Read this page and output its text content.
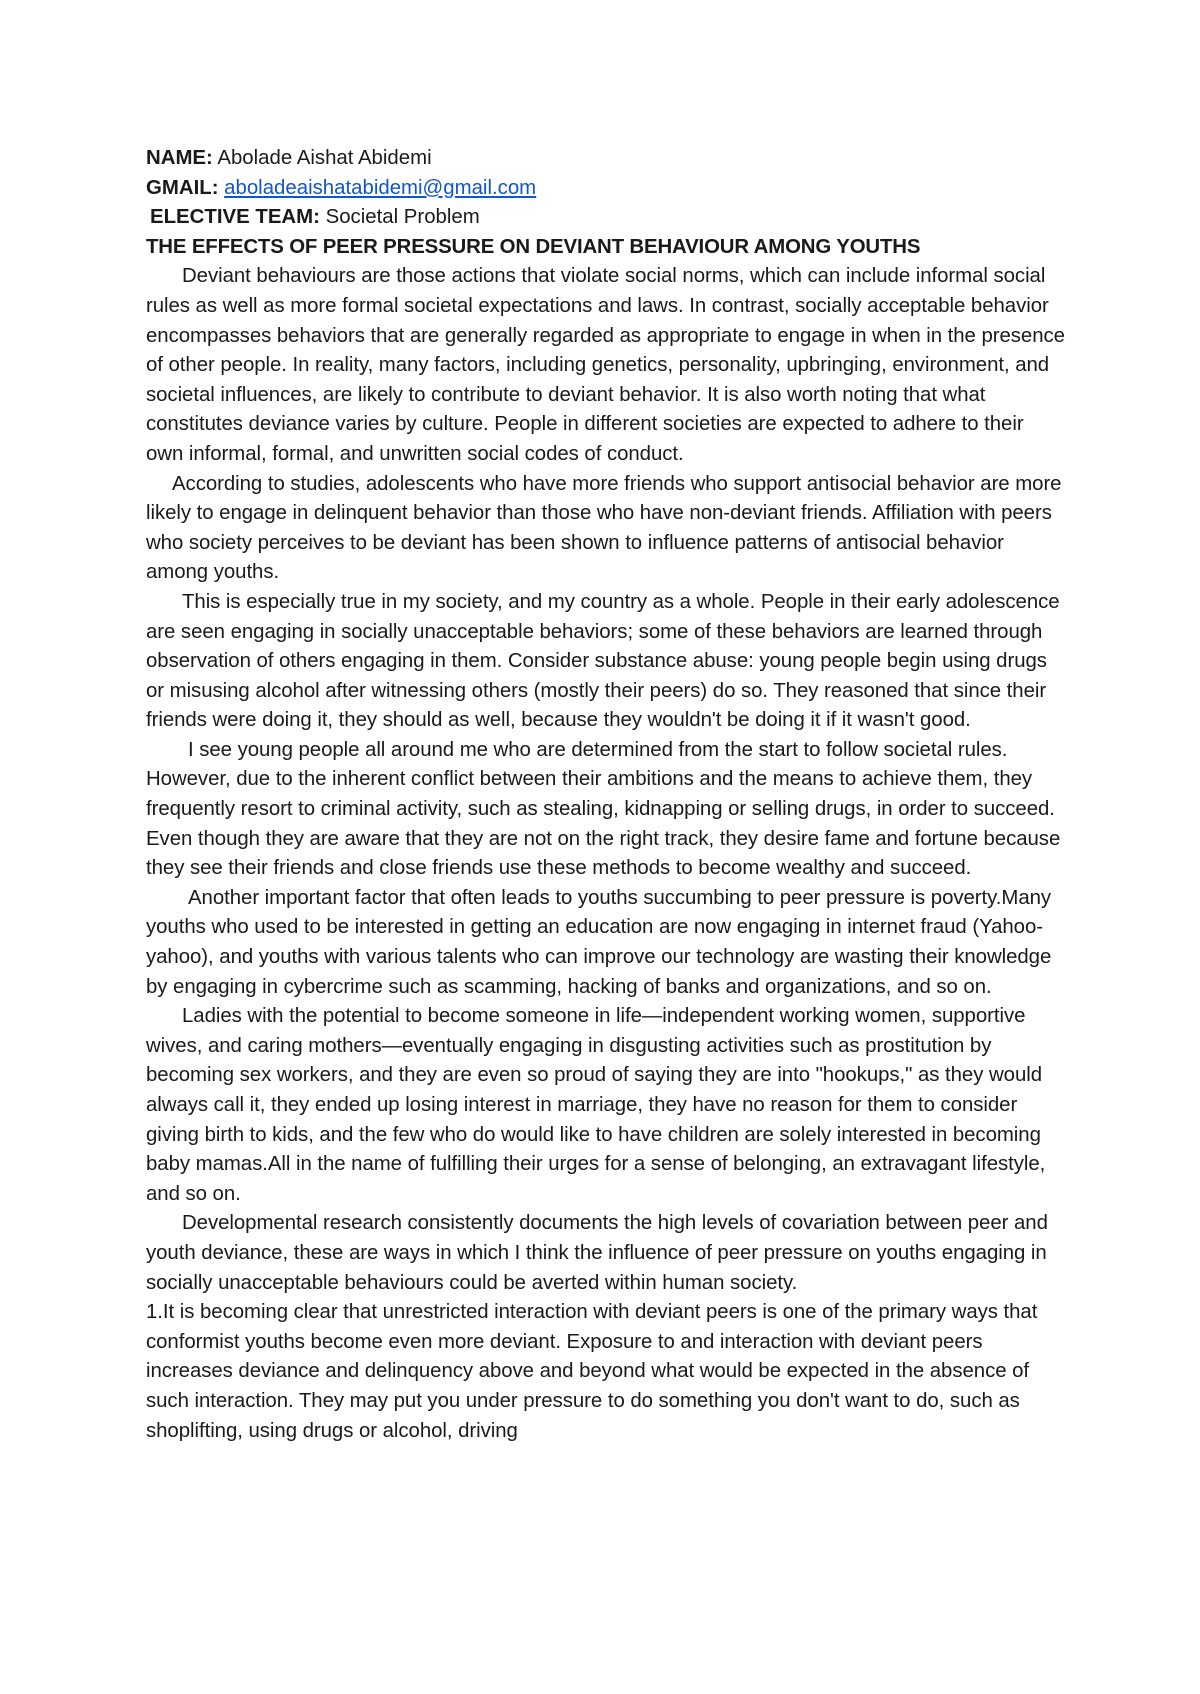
NAME: Abolade Aishat Abidemi

GMAIL: aboladeaishatabidemi@gmail.com

ELECTIVE TEAM: Societal Problem

THE EFFECTS OF PEER PRESSURE ON DEVIANT BEHAVIOUR AMONG YOUTHS

Deviant behaviours are those actions that violate social norms, which can include informal social rules as well as more formal societal expectations and laws. In contrast, socially acceptable behavior encompasses behaviors that are generally regarded as appropriate to engage in when in the presence of other people. In reality, many factors, including genetics, personality, upbringing, environment, and societal influences, are likely to contribute to deviant behavior. It is also worth noting that what constitutes deviance varies by culture. People in different societies are expected to adhere to their own informal, formal, and unwritten social codes of conduct.

According to studies, adolescents who have more friends who support antisocial behavior are more likely to engage in delinquent behavior than those who have non-deviant friends. Affiliation with peers who society perceives to be deviant has been shown to influence patterns of antisocial behavior among youths.

This is especially true in my society, and my country as a whole. People in their early adolescence are seen engaging in socially unacceptable behaviors; some of these behaviors are learned through observation of others engaging in them. Consider substance abuse: young people begin using drugs or misusing alcohol after witnessing others (mostly their peers) do so. They reasoned that since their friends were doing it, they should as well, because they wouldn't be doing it if it wasn't good.

I see young people all around me who are determined from the start to follow societal rules. However, due to the inherent conflict between their ambitions and the means to achieve them, they frequently resort to criminal activity, such as stealing, kidnapping or selling drugs, in order to succeed. Even though they are aware that they are not on the right track, they desire fame and fortune because they see their friends and close friends use these methods to become wealthy and succeed.

Another important factor that often leads to youths succumbing to peer pressure is poverty.Many youths who used to be interested in getting an education are now engaging in internet fraud (Yahoo-yahoo), and youths with various talents who can improve our technology are wasting their knowledge by engaging in cybercrime such as scamming, hacking of banks and organizations, and so on.

Ladies with the potential to become someone in life—independent working women, supportive wives, and caring mothers—eventually engaging in disgusting activities such as prostitution by becoming sex workers, and they are even so proud of saying they are into "hookups," as they would always call it, they ended up losing interest in marriage, they have no reason for them to consider giving birth to kids, and the few who do would like to have children are solely interested in becoming baby mamas.All in the name of fulfilling their urges for a sense of belonging, an extravagant lifestyle, and so on.

Developmental research consistently documents the high levels of covariation between peer and youth deviance, these are ways in which I think the influence of peer pressure on youths engaging in socially unacceptable behaviours could be averted within human society.

1.It is becoming clear that unrestricted interaction with deviant peers is one of the primary ways that conformist youths become even more deviant. Exposure to and interaction with deviant peers increases deviance and delinquency above and beyond what would be expected in the absence of such interaction. They may put you under pressure to do something you don't want to do, such as shoplifting, using drugs or alcohol, driving
